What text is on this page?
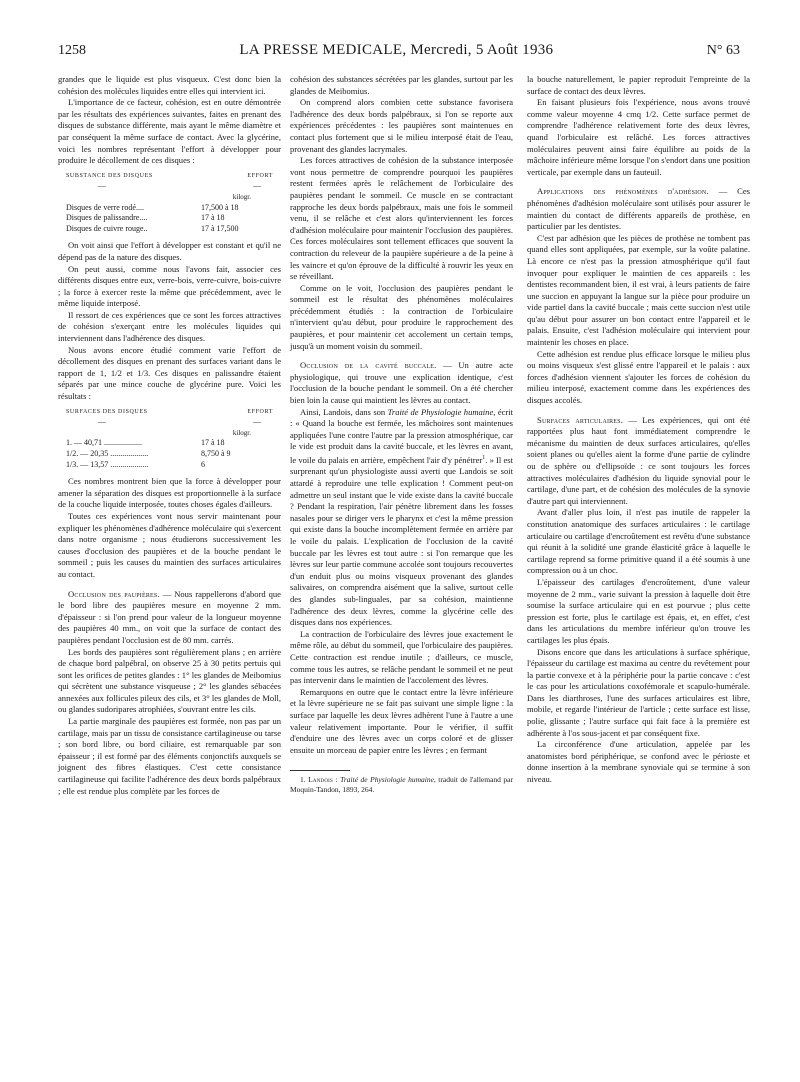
1258	LA PRESSE MEDICALE, Mercredi, 5 Août 1936	N° 63

grandes que le liquide est plus visqueux. C'est donc bien la cohésion des molécules liquides entre elles qui intervient ici.

L'importance de ce facteur, cohésion, est en outre démontrée par les résultats des expériences suivantes, faites en prenant des disques de substance différente, mais ayant le même diamètre et par conséquent la même surface de contact. Avec la glycérine, voici les nombres représentant l'effort à développer pour produire le décollement de ces disques :

SUBSTANCE DES DISQUES	EFFORT
—	—
kilogr.
Disques de verre rodé....	17,500 à 18
Disques de palissandre....	17 à 18
Disques de cuivre rouge..	17 à 17,500

On voit ainsi que l'effort à développer est constant et qu'il ne dépend pas de la nature des disques.

On peut aussi, comme nous l'avons fait, associer ces différents disques entre eux, verre-bois, verre-cuivre, bois-cuivre ; la force à exercer reste la même que précédemment, avec le même liquide interposé.

Il ressort de ces expériences que ce sont les forces attractives de cohésion s'exerçant entre les molécules liquides qui interviennent dans l'adhérence des disques.

Nous avons encore étudié comment varie l'effort de décollement des disques en prenant des surfaces variant dans le rapport de 1, 1/2 et 1/3. Ces disques en palissandre étaient séparés par une mince couche de glycérine pure. Voici les résultats :

SURFACES DES DISQUES	EFFORT
—	—
kilogr.
1. — 40,71 ...................	17 à 18
1/2. — 20,35 ...................	8,750 à 9
1/3. — 13,57 ...................	6

Ces nombres montrent bien que la force à développer pour amener la séparation des disques est proportionnelle à la surface de la couche liquide interposée, toutes choses égales d'ailleurs.

Toutes ces expériences vont nous servir maintenant pour expliquer les phénomènes d'adhérence moléculaire qui s'exercent dans notre organisme ; nous étudierons successivement les causes d'occlusion des paupières et de la bouche pendant le sommeil ; puis les causes du maintien des surfaces articulaires au contact.

Occlusion des paupières. — Nous rappellerons d'abord que le bord libre des paupières mesure en moyenne 2 mm. d'épaisseur : si l'on prend pour valeur de la longueur moyenne des paupières 40 mm., on voit que la surface de contact des paupières pendant l'occlusion est de 80 mm. carrés.

Les bords des paupières sont régulièrement plans ; en arrière de chaque bord palpébral, on observe 25 à 30 petits pertuis qui sont les orifices de petites glandes : 1° les glandes de Meibomius qui sécrètent une substance visqueuse ; 2° les glandes sébacées annexées aux follicules pileux des cils, et 3° les glandes de Moll, ou glandes sudoripares atrophiées, s'ouvrant entre les cils.

La partie marginale des paupières est formée, non pas par un cartilage, mais par un tissu de consistance cartilagineuse ou tarse ; son bord libre, ou bord ciliaire, est remarquable par son épaisseur ; il est formé par des éléments conjonctifs auxquels se joignent des fibres élastiques. C'est cette consistance cartilagineuse qui facilite l'adhérence des deux bords palpébraux ; elle est rendue plus complète par les forces de

cohésion des substances sécrétées par les glandes, surtout par les glandes de Meibomius.

On comprend alors combien cette substance favorisera l'adhérence des deux bords palpébraux, si l'on se reporte aux expériences précédentes : les paupières sont maintenues en contact plus fortement que si le milieu interposé était de l'eau, provenant des glandes lacrymales.

Les forces attractives de cohésion de la substance interposée vont nous permettre de comprendre pourquoi les paupières restent fermées après le relâchement de l'orbiculaire des paupières pendant le sommeil. Ce muscle en se contractant rapproche les deux bords palpébraux, mais une fois le sommeil venu, il se relâche et c'est alors qu'interviennent les forces d'adhésion moléculaire pour maintenir l'occlusion des paupières. Ces forces moléculaires sont tellement efficaces que souvent la contraction du releveur de la paupière supérieure a de la peine à les vaincre et qu'on éprouve de la difficulté à rouvrir les yeux en se réveillant.

Comme on le voit, l'occlusion des paupières pendant le sommeil est le résultat des phénomènes moléculaires précédemment étudiés : la contraction de l'orbiculaire n'intervient qu'au début, pour produire le rapprochement des paupières, et pour maintenir cet accolement un certain temps, jusqu'à un moment voisin du sommeil.

Occlusion de la cavité buccale. — Un autre acte physiologique, qui trouve une explication identique, c'est l'occlusion de la bouche pendant le sommeil. On a été chercher bien loin la cause qui maintient les lèvres au contact.

Ainsi, Landois, dans son Traité de Physiologie humaine, écrit : « Quand la bouche est fermée, les mâchoires sont maintenues appliquées l'une contre l'autre par la pression atmosphérique, car le vide est produit dans la cavité buccale, et les lèvres en avant, le voile du palais en arrière, empêchent l'air d'y pénétrer$^1$. » Il est surprenant qu'un physiologiste aussi averti que Landois se soit attardé à reproduire une telle explication ! Comment peut-on admettre un seul instant que le vide existe dans la cavité buccale ? Pendant la respiration, l'air pénètre librement dans les fosses nasales pour se diriger vers le pharynx et c'est la même pression qui existe dans la bouche incomplètement fermée en arrière par le voile du palais. L'explication de l'occlusion de la cavité buccale par les lèvres est tout autre : si l'on remarque que les lèvres sur leur partie commune accolée sont toujours recouvertes d'un enduit plus ou moins visqueux provenant des glandes salivaires, on comprendra aisément que la salive, surtout celle des glandes sub-linguales, par sa cohésion, maintienne l'adhérence des deux lèvres, comme la glycérine celle des disques dans nos expériences.

La contraction de l'orbiculaire des lèvres joue exactement le même rôle, au début du sommeil, que l'orbiculaire des paupières. Cette contraction est rendue inutile ; d'ailleurs, ce muscle, comme tous les autres, se relâche pendant le sommeil et ne peut pas intervenir dans le maintien de l'accolement des lèvres.

Remarquons en outre que le contact entre la lèvre inférieure et la lèvre supérieure ne se fait pas suivant une simple ligne : la surface par laquelle les deux lèvres adhèrent l'une à l'autre a une valeur relativement importante. Pour le vérifier, il suffit d'enduire une des lèvres avec un corps coloré et de glisser ensuite un morceau de papier entre les lèvres ; en fermant

1. Landois : Traité de Physiologie humaine, traduit de l'allemand par Moquin-Tandon, 1893, 264.

la bouche naturellement, le papier reproduit l'empreinte de la surface de contact des deux lèvres.

En faisant plusieurs fois l'expérience, nous avons trouvé comme valeur moyenne 4 cmq 1/2. Cette surface permet de comprendre l'adhérence relativement forte des deux lèvres, quand l'orbiculaire est relâché. Les forces attractives moléculaires peuvent ainsi faire équilibre au poids de la mâchoire inférieure même lorsque l'on s'endort dans une position verticale, par exemple dans un fauteuil.

Applications des phénomènes d'adhésion. — Ces phénomènes d'adhésion moléculaire sont utilisés pour assurer le maintien du contact de différents appareils de prothèse, en particulier par les dentistes.

C'est par adhésion que les pièces de prothèse ne tombent pas quand elles sont appliquées, par exemple, sur la voûte palatine. Là encore ce n'est pas la pression atmosphérique qu'il faut invoquer pour expliquer le maintien de ces appareils : les dentistes recommandent bien, il est vrai, à leurs patients de faire une succion en appuyant la langue sur la pièce pour produire un vide partiel dans la cavité buccale ; mais cette succion n'est utile qu'au début pour assurer un bon contact entre l'appareil et le palais. Ensuite, c'est l'adhésion moléculaire qui intervient pour maintenir les choses en place.

Cette adhésion est rendue plus efficace lorsque le milieu plus ou moins visqueux s'est glissé entre l'appareil et le palais : aux forces d'adhésion viennent s'ajouter les forces de cohésion du milieu interposé, exactement comme dans les expériences des disques accolés.

Surfaces articulaires. — Les expériences, qui ont été rapportées plus haut font immédiatement comprendre le mécanisme du maintien de deux surfaces articulaires, qu'elles soient planes ou qu'elles aient la forme d'une partie de cylindre ou de sphère ou d'ellipsoïde : ce sont toujours les forces attractives moléculaires d'adhésion du liquide synovial pour le cartilage, d'une part, et de cohésion des molécules de la synovie d'autre part qui interviennent.

Avant d'aller plus loin, il n'est pas inutile de rappeler la constitution anatomique des surfaces articulaires : le cartilage articulaire ou cartilage d'encroûtement est revêtu d'une substance qui réunit à la solidité une grande élasticité grâce à laquelle le cartilage reprend sa forme primitive quand il a été soumis à une compression ou à un choc.

L'épaisseur des cartilages d'encroûtement, d'une valeur moyenne de 2 mm., varie suivant la pression à laquelle doit être soumise la surface articulaire qui en est pourvue ; plus cette pression est forte, plus le cartilage est épais, et, en effet, c'est dans les articulations du membre inférieur qu'on trouve les cartilages les plus épais.

Disons encore que dans les articulations à surface sphérique, l'épaisseur du cartilage est maxima au centre du revêtement pour la partie convexe et à la périphérie pour la partie concave : c'est le cas pour les articulations coxofémorale et scapulo-humérale. Dans les diarthroses, l'une des surfaces articulaires est libre, mobile, et regarde l'intérieur de l'article ; cette surface est lisse, polie, glissante ; l'autre surface qui fait face à la première est adhérente à l'os sous-jacent et par conséquent fixe.

La circonférence d'une articulation, appelée par les anatomistes bord périphérique, se confond avec le périoste et donne insertion à la membrane synoviale qui se termine à son niveau.
